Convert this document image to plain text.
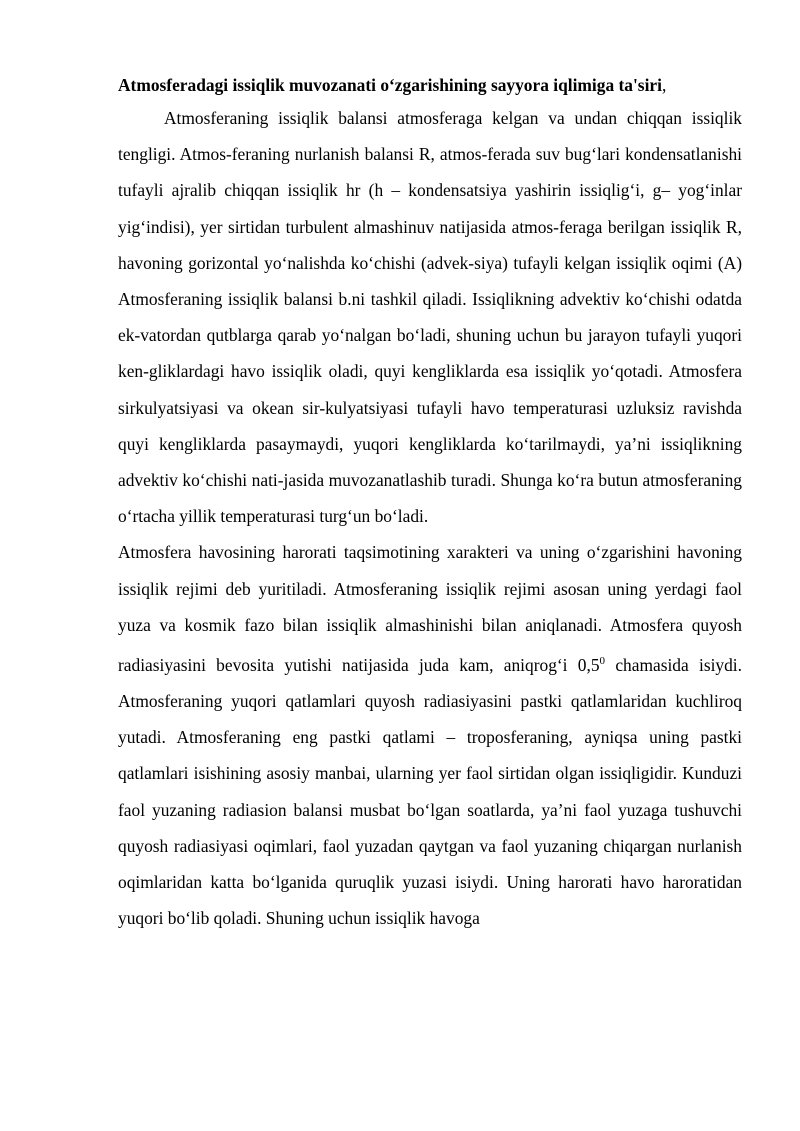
Atmosferadagi issiqlik muvozanati o‘zgarishining sayyora iqlimiga ta'siri,

Atmosferaning issiqlik balansi atmosferaga kelgan va undan chiqqan issiqlik tengligi. Atmos-feraning nurlanish balansi R, atmos-ferada suv bug‘lari kondensatlanishi tufayli ajralib chiqqan issiqlik hr (h – kondensatsiya yashirin issiqlig‘i, g– yog‘inlar yig‘indisi), yer sirtidan turbulent almashinuv natijasida atmos-feraga berilgan issiqlik R, havoning gorizontal yo‘nalishda ko‘chishi (advek-siya) tufayli kelgan issiqlik oqimi (A) Atmosferaning issiqlik balansi b.ni tashkil qiladi. Issiqlikning advektiv ko‘chishi odatda ek-vatordan qutblarga qarab yo‘nalgan bo‘ladi, shuning uchun bu jarayon tufayli yuqori ken-gliklardagi havo issiqlik oladi, quyi kengliklarda esa issiqlik yo‘qotadi. Atmosfera sirkulyatsiyasi va okean sir-kulyatsiyasi tufayli havo temperaturasi uzluksiz ravishda quyi kengliklarda pasaymaydi, yuqori kengliklarda ko‘tarilmaydi, ya’ni issiqlikning advektiv ko‘chishi nati-jasida muvozanatlashib turadi. Shunga ko‘ra butun atmosferaning o‘rtacha yillik temperaturasi turg‘un bo‘ladi.

Atmosfera havosining harorati taqsimotining xarakteri va uning o‘zgarishini havoning issiqlik rejimi deb yuritiladi. Atmosferaning issiqlik rejimi asosan uning yerdagi faol yuza va kosmik fazo bilan issiqlik almashinishi bilan aniqlanadi. Atmosfera quyosh radiasiyasini bevosita yutishi natijasida juda kam, aniqrog‘i $0,5^0$ chamasida isiydi. Atmosferaning yuqori qatlamlari quyosh radiasiyasini pastki qatlamlaridan kuchliroq yutadi. Atmosferaning eng pastki qatlami – troposferaning, ayniqsa uning pastki qatlamlari isishining asosiy manbai, ularning yer faol sirtidan olgan issiqligidir. Kunduzi faol yuzaning radiasion balansi musbat bo‘lgan soatlarda, ya’ni faol yuzaga tushuvchi quyosh radiasiyasi oqimlari, faol yuzadan qaytgan va faol yuzaning chiqargan nurlanish oqimlaridan katta bo‘lganida quruqlik yuzasi isiydi. Uning harorati havo haroratidan yuqori bo‘lib qoladi. Shuning uchun issiqlik havoga
